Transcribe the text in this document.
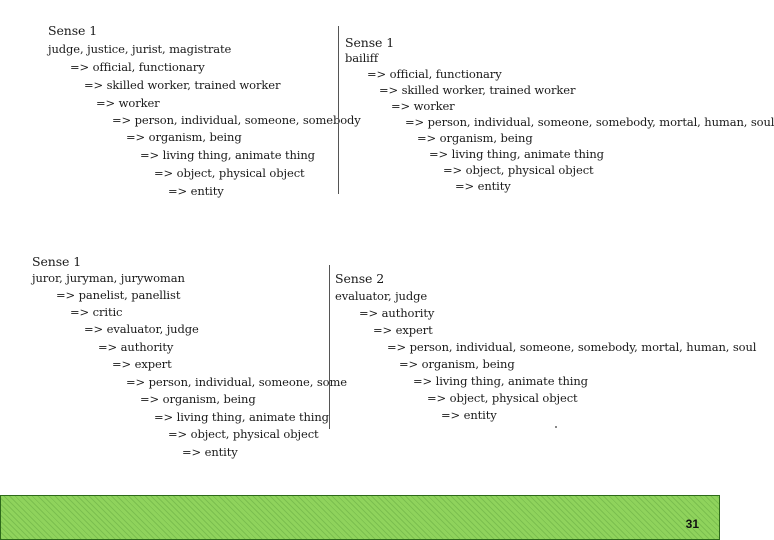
Sense 1
judge, justice, jurist, magistrate
=> official, functionary
=> skilled worker, trained worker
=> worker
=> person, individual, someone, somebody
=> organism, being
=> living thing, animate thing
=> object, physical object
=> entity
Sense 1
bailiff
=> official, functionary
=> skilled worker, trained worker
=> worker
=> person, individual, someone, somebody, mortal, human, soul
=> organism, being
=> living thing, animate thing
=> object, physical object
=> entity
Sense 1
juror, juryman, jurywoman
=> panelist, panellist
=> critic
=> evaluator, judge
=> authority
=> expert
=> person, individual, someone, some
=> organism, being
=> living thing, animate thing
=> object, physical object
=> entity
Sense 2
evaluator, judge
=> authority
=> expert
=> person, individual, someone, somebody, mortal, human, soul
=> organism, being
=> living thing, animate thing
=> object, physical object
=> entity
31
